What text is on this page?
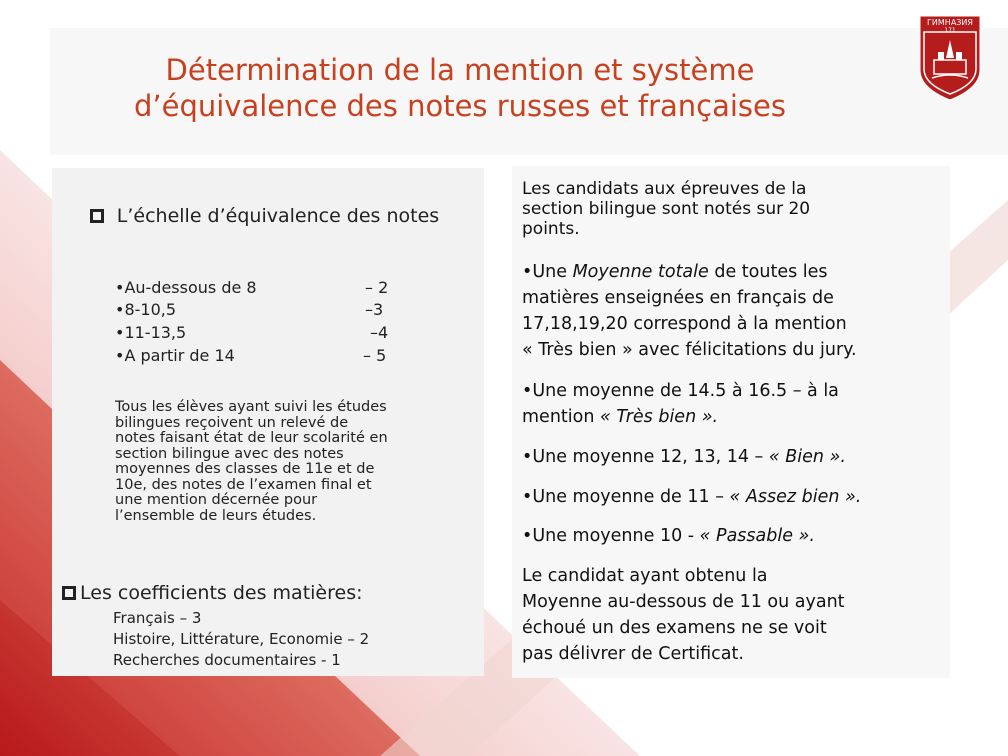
Détermination de la mention et système
d’équivalence des notes russes et françaises
ГИМНАЗИЯ
171
L’échelle d’équivalence des notes
•Au-dessous de 8	– 2
•8-10,5	–3
•11-13,5	–4
•A partir de 14	– 5
Tous les élèves ayant suivi les études
bilingues reçoivent un relevé de
notes faisant état de leur scolarité en
section bilingue avec des notes
moyennes des classes de 11e et de
10e, des notes de l’examen final et
une mention décernée pour
l’ensemble de leurs études.
Les coefficients des matières:
Français – 3
Histoire, Littérature, Economie – 2
Recherches documentaires - 1
Les candidats aux épreuves de la
section bilingue sont notés sur 20
points.
•Une Moyenne totale de toutes les
matières enseignées en français de
17,18,19,20 correspond à la mention
« Très bien » avec félicitations du jury.
•Une moyenne de 14.5 à 16.5 – à la
mention « Très bien ».
•Une moyenne 12, 13, 14 – « Bien ».
•Une moyenne de 11 – « Assez bien ».
•Une moyenne 10 - « Passable ».
Le candidat ayant obtenu la
Moyenne au-dessous de 11 ou ayant
échoué un des examens ne se voit
pas délivrer de Certificat.
